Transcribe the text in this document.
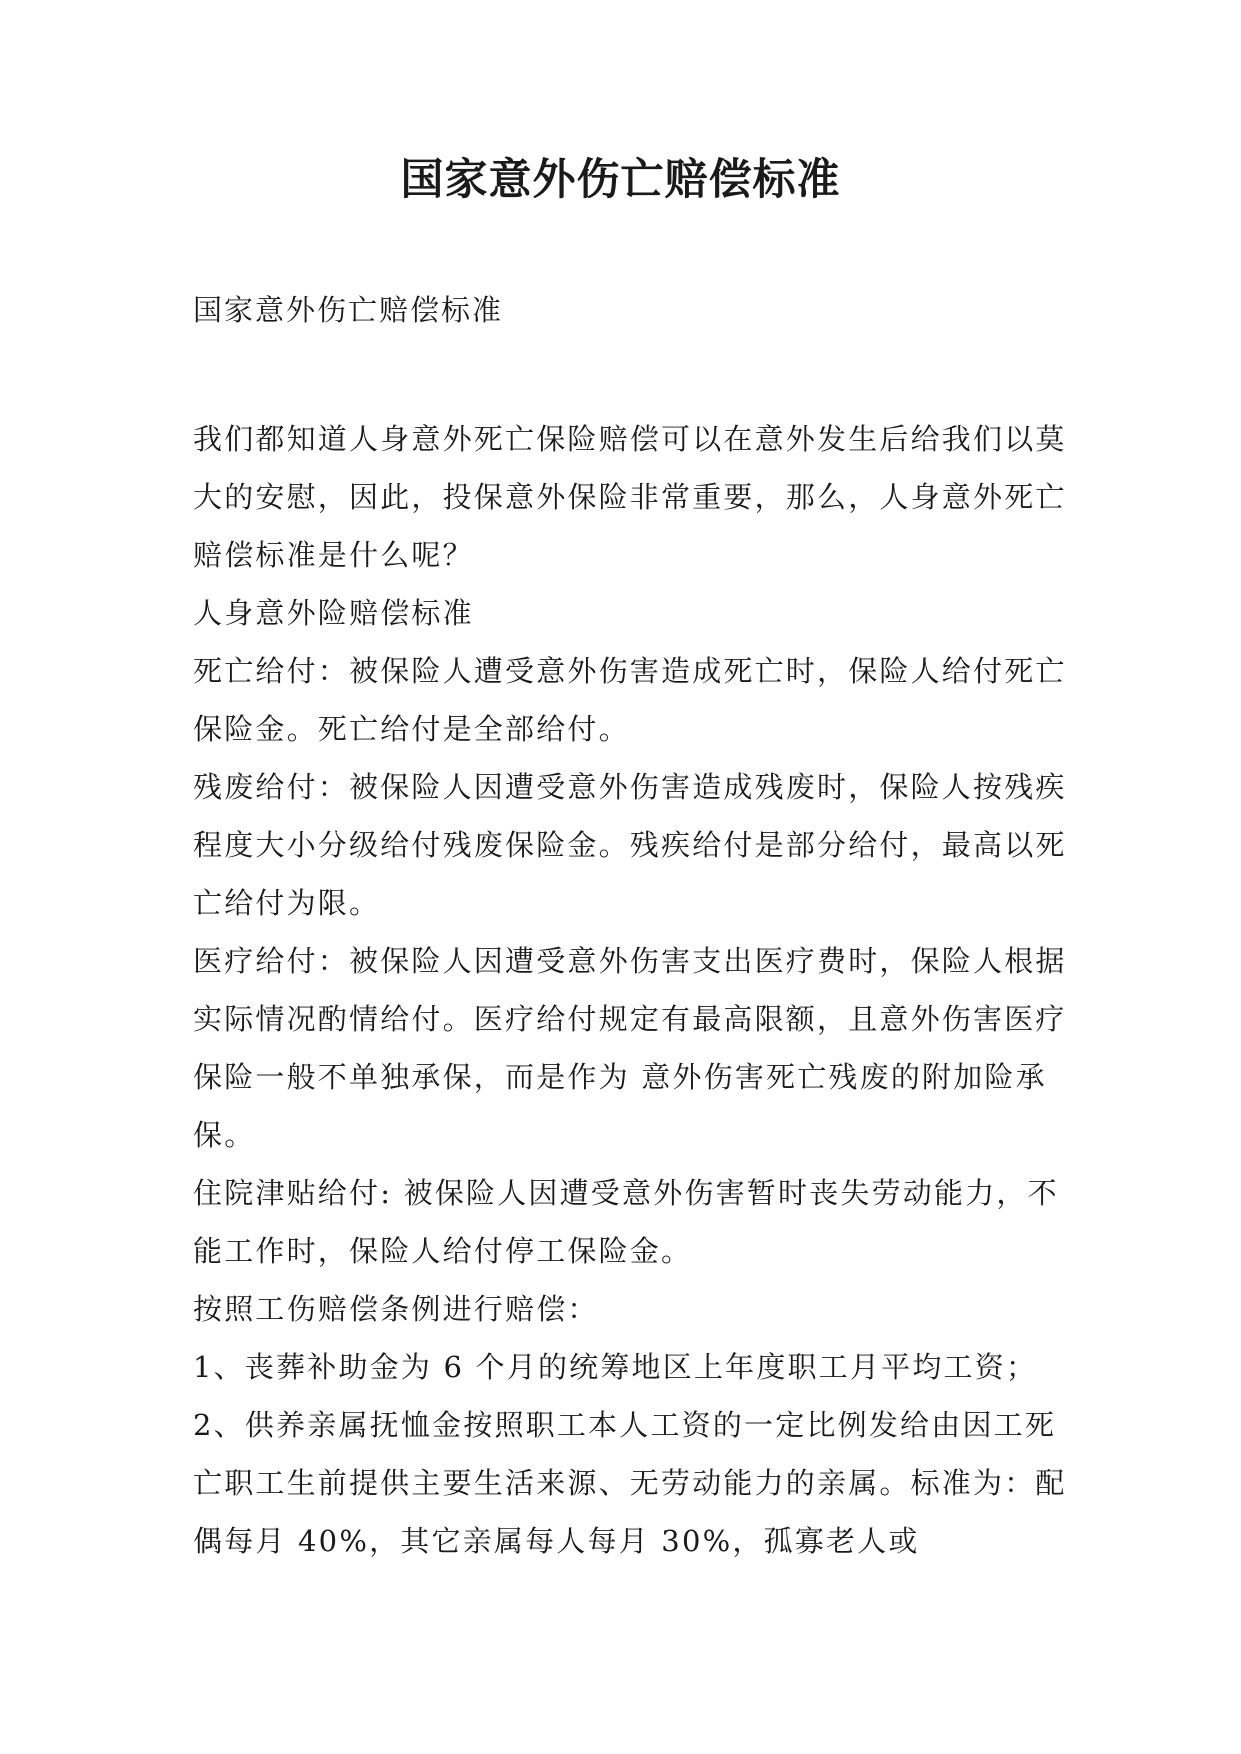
国家意外伤亡赔偿标准

国家意外伤亡赔偿标准

我们都知道人身意外死亡保险赔偿可以在意外发生后给我们以莫大的安慰，因此，投保意外保险非常重要，那么，人身意外死亡赔偿标准是什么呢？

人身意外险赔偿标准

死亡给付：被保险人遭受意外伤害造成死亡时，保险人给付死亡保险金。死亡给付是全部给付。

残废给付：被保险人因遭受意外伤害造成残废时，保险人按残疾程度大小分级给付残废保险金。残疾给付是部分给付，最高以死亡给付为限。

医疗给付：被保险人因遭受意外伤害支出医疗费时，保险人根据实际情况酌情给付。医疗给付规定有最高限额，且意外伤害医疗保险一般不单独承保，而是作为 意外伤害死亡残废的附加险承保。

住院津贴给付: 被保险人因遭受意外伤害暂时丧失劳动能力，不能工作时，保险人给付停工保险金。

按照工伤赔偿条例进行赔偿：

1、丧葬补助金为 6 个月的统筹地区上年度职工月平均工资；

2、供养亲属抚恤金按照职工本人工资的一定比例发给由因工死亡职工生前提供主要生活来源、无劳动能力的亲属。标准为：配偶每月 40%，其它亲属每人每月 30%，孤寡老人或
